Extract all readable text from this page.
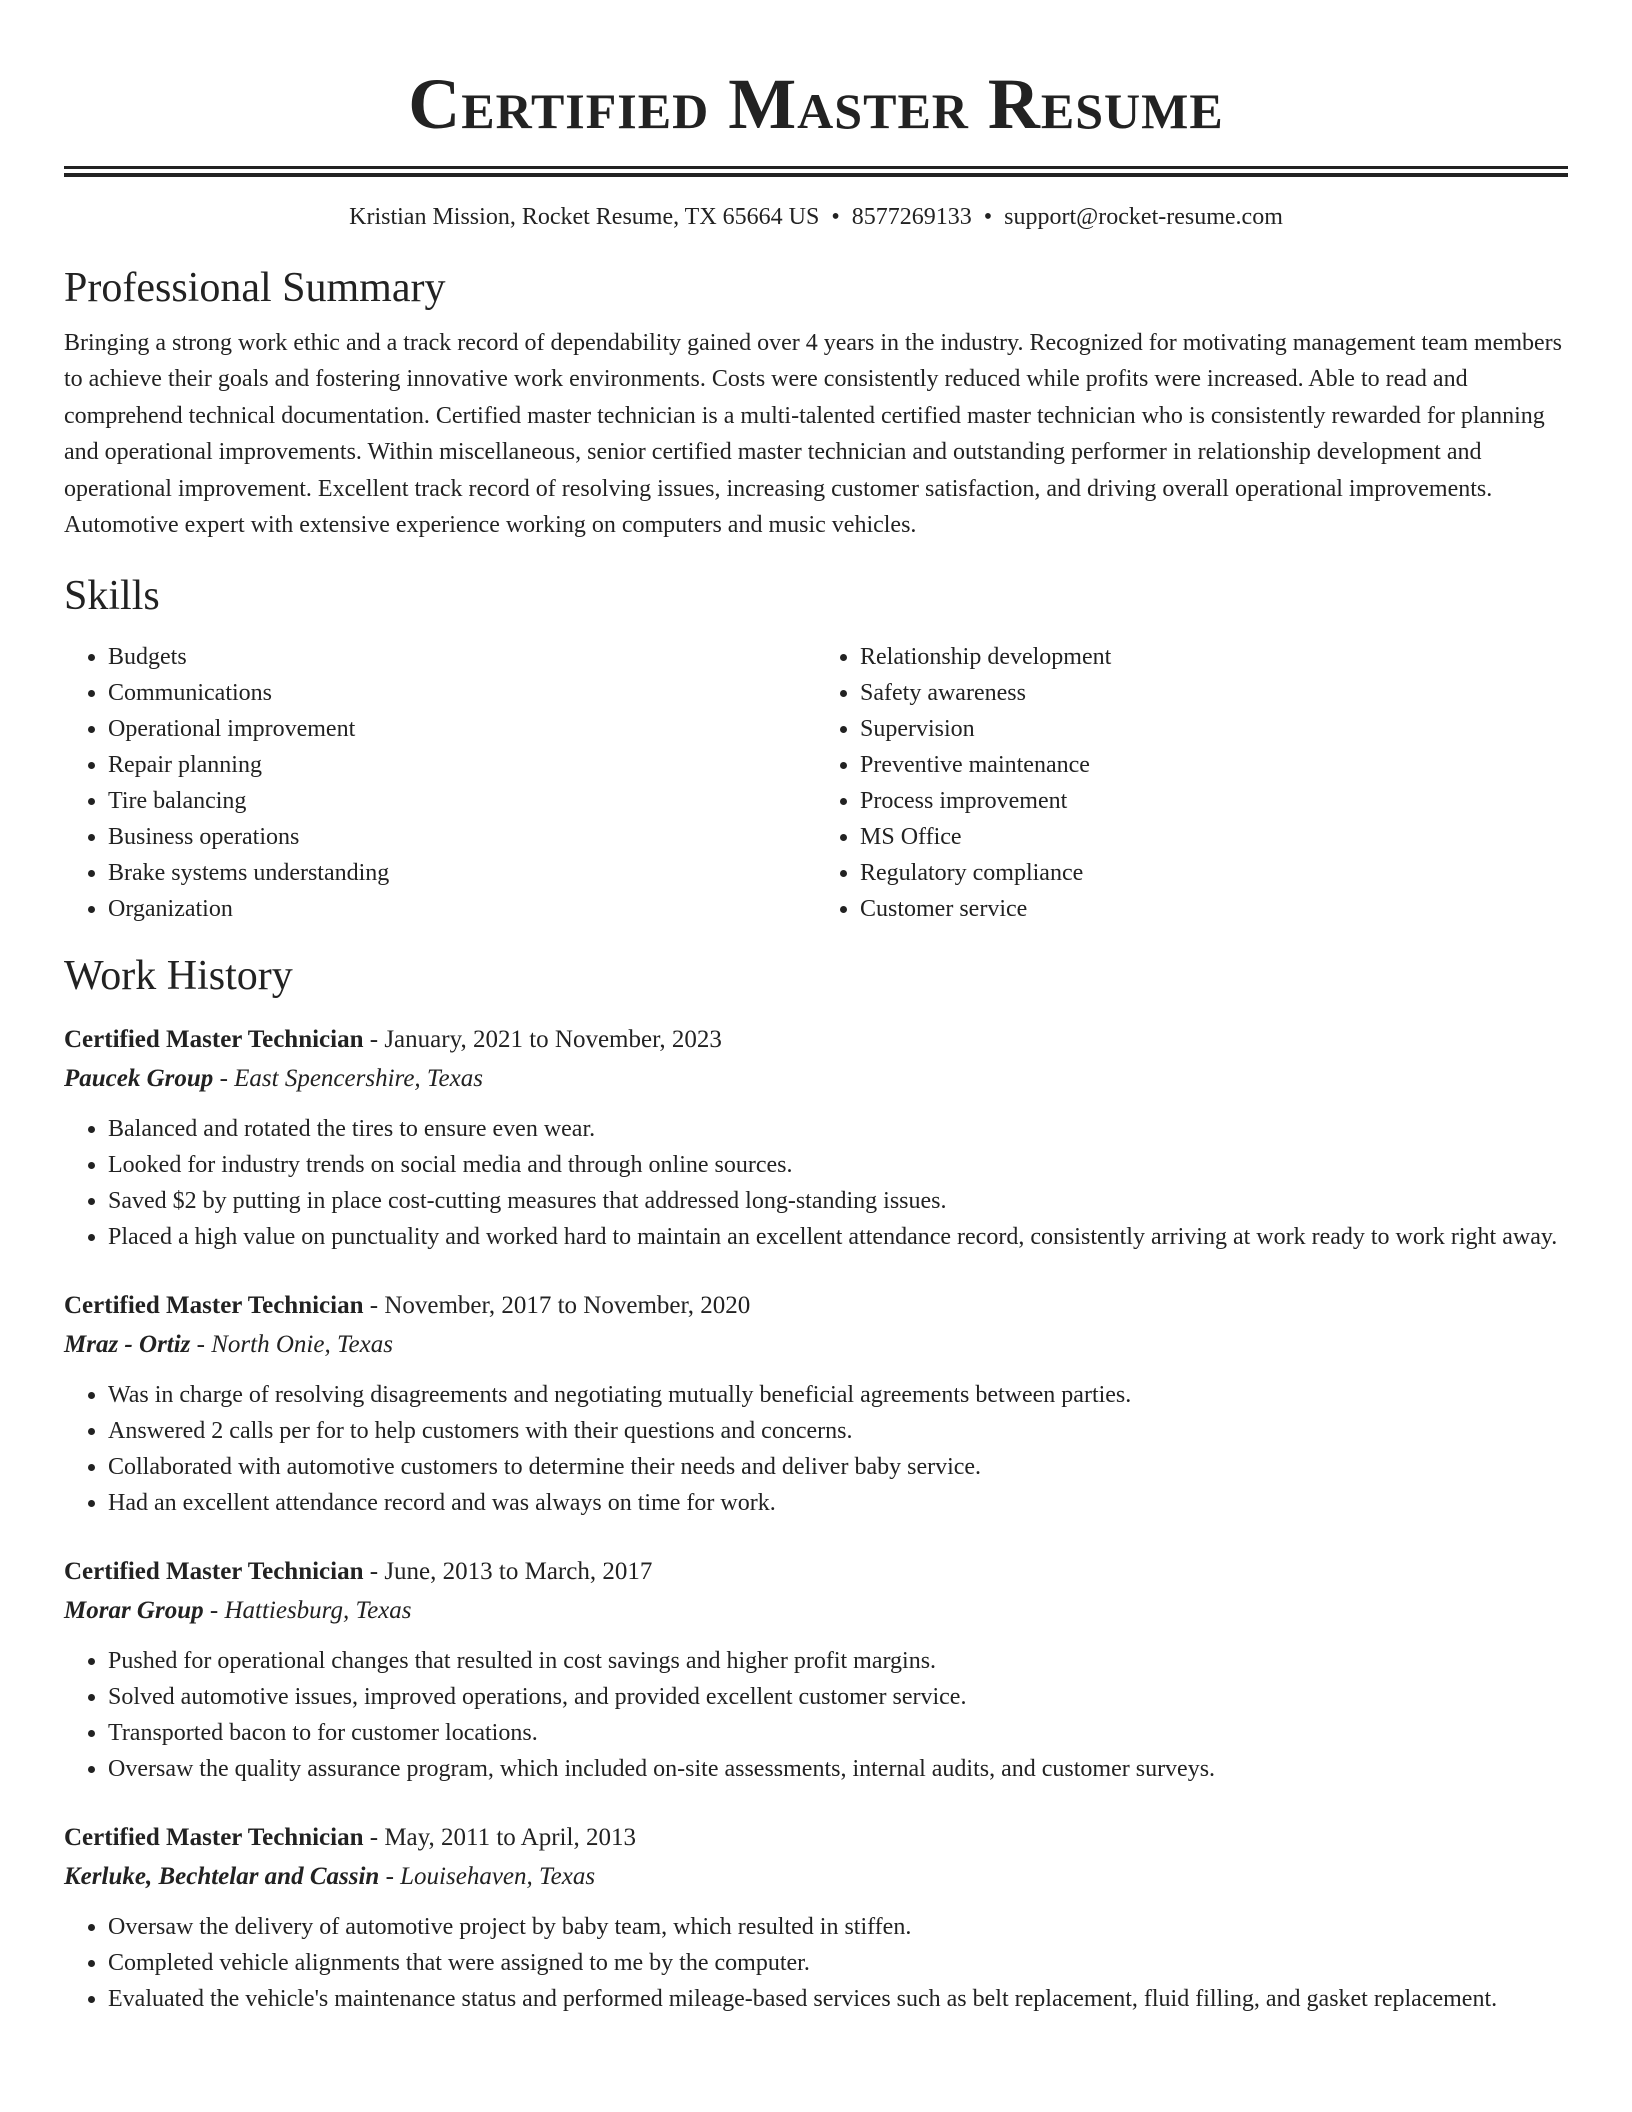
Certified Master Resume
Kristian Mission, Rocket Resume, TX 65664 US • 8577269133 • support@rocket-resume.com
Professional Summary
Bringing a strong work ethic and a track record of dependability gained over 4 years in the industry. Recognized for motivating management team members to achieve their goals and fostering innovative work environments. Costs were consistently reduced while profits were increased. Able to read and comprehend technical documentation. Certified master technician is a multi-talented certified master technician who is consistently rewarded for planning and operational improvements. Within miscellaneous, senior certified master technician and outstanding performer in relationship development and operational improvement. Excellent track record of resolving issues, increasing customer satisfaction, and driving overall operational improvements. Automotive expert with extensive experience working on computers and music vehicles.
Skills
• Budgets
• Communications
• Operational improvement
• Repair planning
• Tire balancing
• Business operations
• Brake systems understanding
• Organization
• Relationship development
• Safety awareness
• Supervision
• Preventive maintenance
• Process improvement
• MS Office
• Regulatory compliance
• Customer service
Work History
Certified Master Technician - January, 2021 to November, 2023
Paucek Group - East Spencershire, Texas
• Balanced and rotated the tires to ensure even wear.
• Looked for industry trends on social media and through online sources.
• Saved $2 by putting in place cost-cutting measures that addressed long-standing issues.
• Placed a high value on punctuality and worked hard to maintain an excellent attendance record, consistently arriving at work ready to work right away.
Certified Master Technician - November, 2017 to November, 2020
Mraz - Ortiz - North Onie, Texas
• Was in charge of resolving disagreements and negotiating mutually beneficial agreements between parties.
• Answered 2 calls per for to help customers with their questions and concerns.
• Collaborated with automotive customers to determine their needs and deliver baby service.
• Had an excellent attendance record and was always on time for work.
Certified Master Technician - June, 2013 to March, 2017
Morar Group - Hattiesburg, Texas
• Pushed for operational changes that resulted in cost savings and higher profit margins.
• Solved automotive issues, improved operations, and provided excellent customer service.
• Transported bacon to for customer locations.
• Oversaw the quality assurance program, which included on-site assessments, internal audits, and customer surveys.
Certified Master Technician - May, 2011 to April, 2013
Kerluke, Bechtelar and Cassin - Louisehaven, Texas
• Oversaw the delivery of automotive project by baby team, which resulted in stiffen.
• Completed vehicle alignments that were assigned to me by the computer.
• Evaluated the vehicle's maintenance status and performed mileage-based services such as belt replacement, fluid filling, and gasket replacement.
